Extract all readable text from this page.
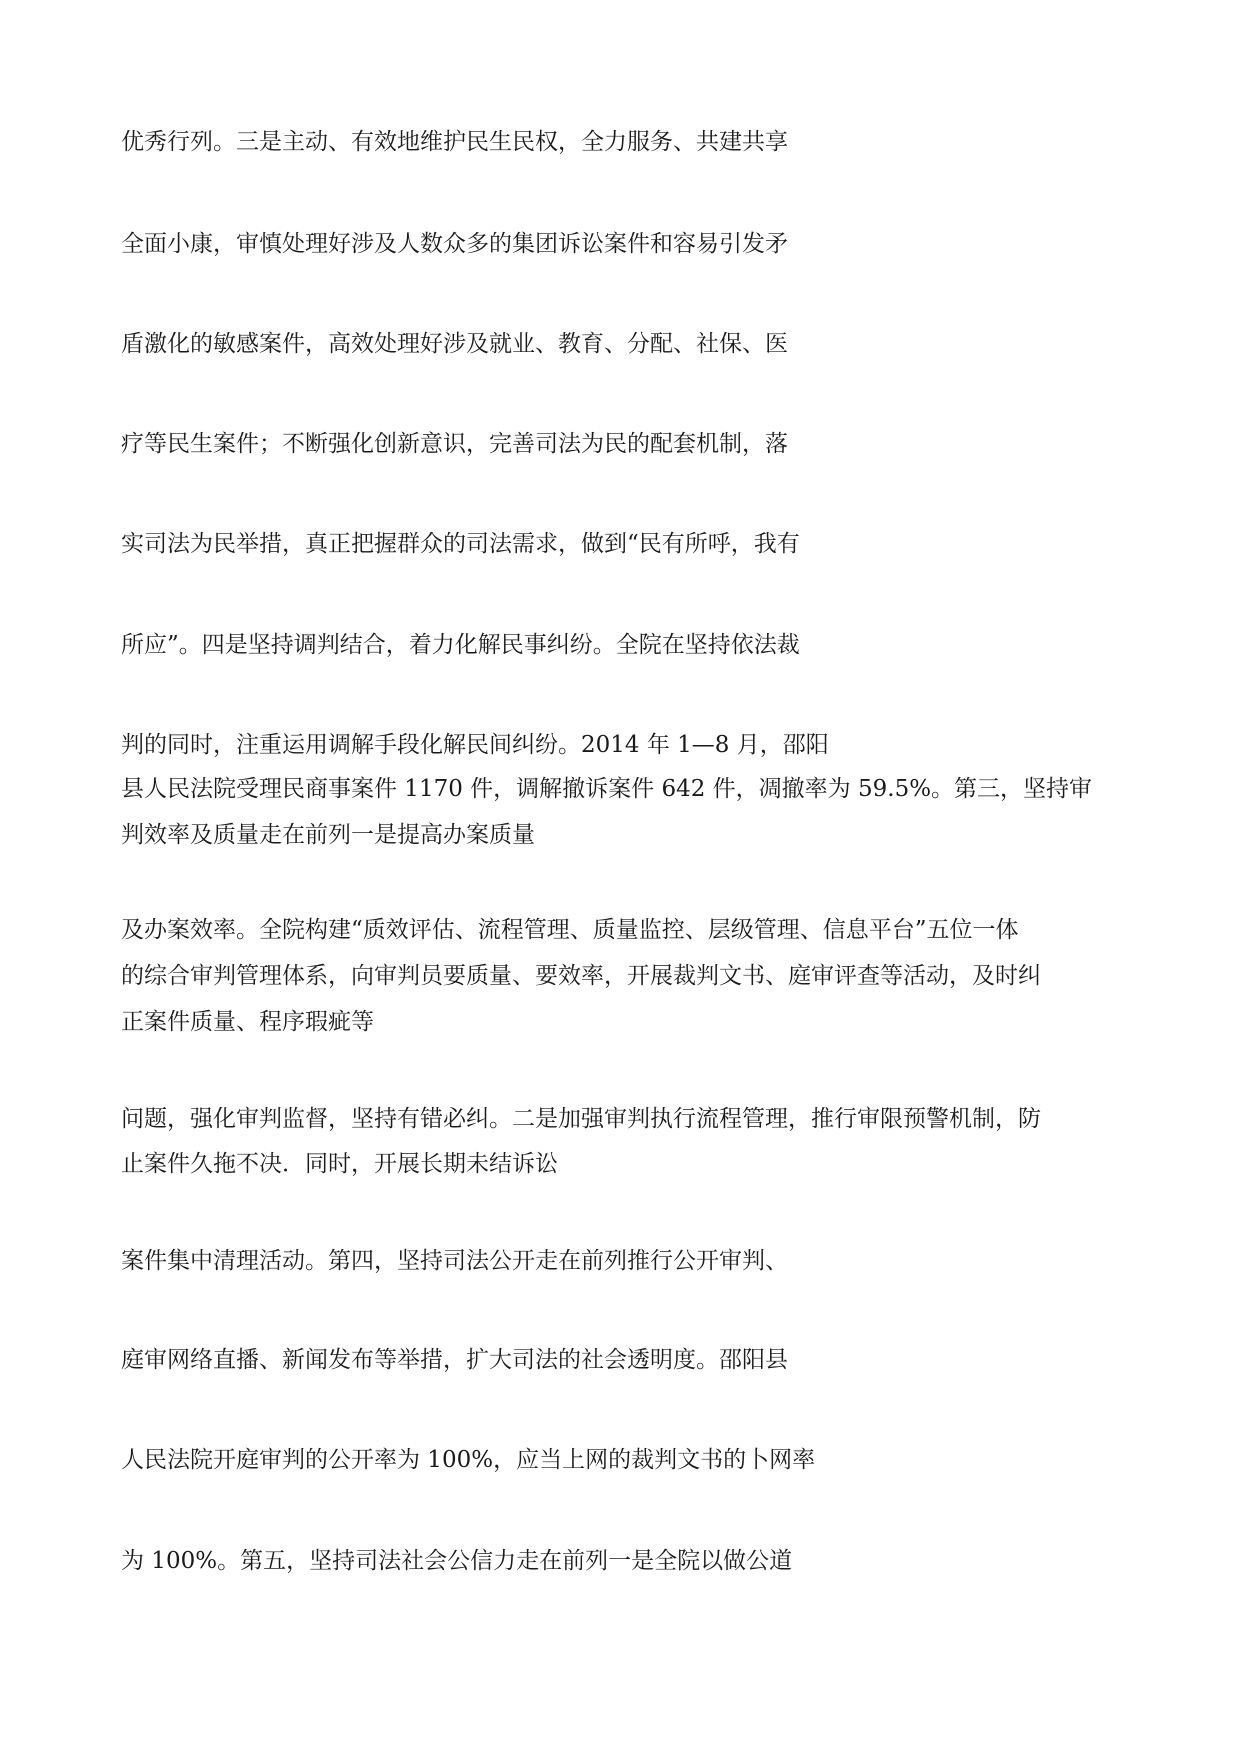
优秀行列。三是主动、有效地维护民生民权，全力服务、共建共享
全面小康，审慎处理好涉及人数众多的集团诉讼案件和容易引发矛
盾激化的敏感案件，高效处理好涉及就业、教育、分配、社保、医
疗等民生案件；不断强化创新意识，完善司法为民的配套机制，落
实司法为民举措，真正把握群众的司法需求，做到“民有所呼，我有
所应”。四是坚持调判结合，着力化解民事纠纷。全院在坚持依法裁
判的同时，注重运用调解手段化解民间纠纷。2014 年 1—8 月，邵阳
县人民法院受理民商事案件 1170 件，调解撤诉案件 642 件，凋撤率为 59.5%。第三，坚持审
判效率及质量走在前列一是提高办案质量
及办案效率。全院构建“质效评估、流程管理、质量监控、层级管理、信息平台”五位一体
的综合审判管理体系，向审判员要质量、要效率，开展裁判文书、庭审评查等活动，及时纠
正案件质量、程序瑕疵等
问题，强化审判监督，坚持有错必纠。二是加强审判执行流程管理，推行审限预警机制，防
止案件久拖不决．同时，开展长期未结诉讼
案件集中清理活动。第四，坚持司法公开走在前列推行公开审判、
庭审网络直播、新闻发布等举措，扩大司法的社会透明度。邵阳县
人民法院开庭审判的公开率为 100%，应当上网的裁判文书的卜网率
为 100%。第五，坚持司法社会公信力走在前列一是全院以做公道
